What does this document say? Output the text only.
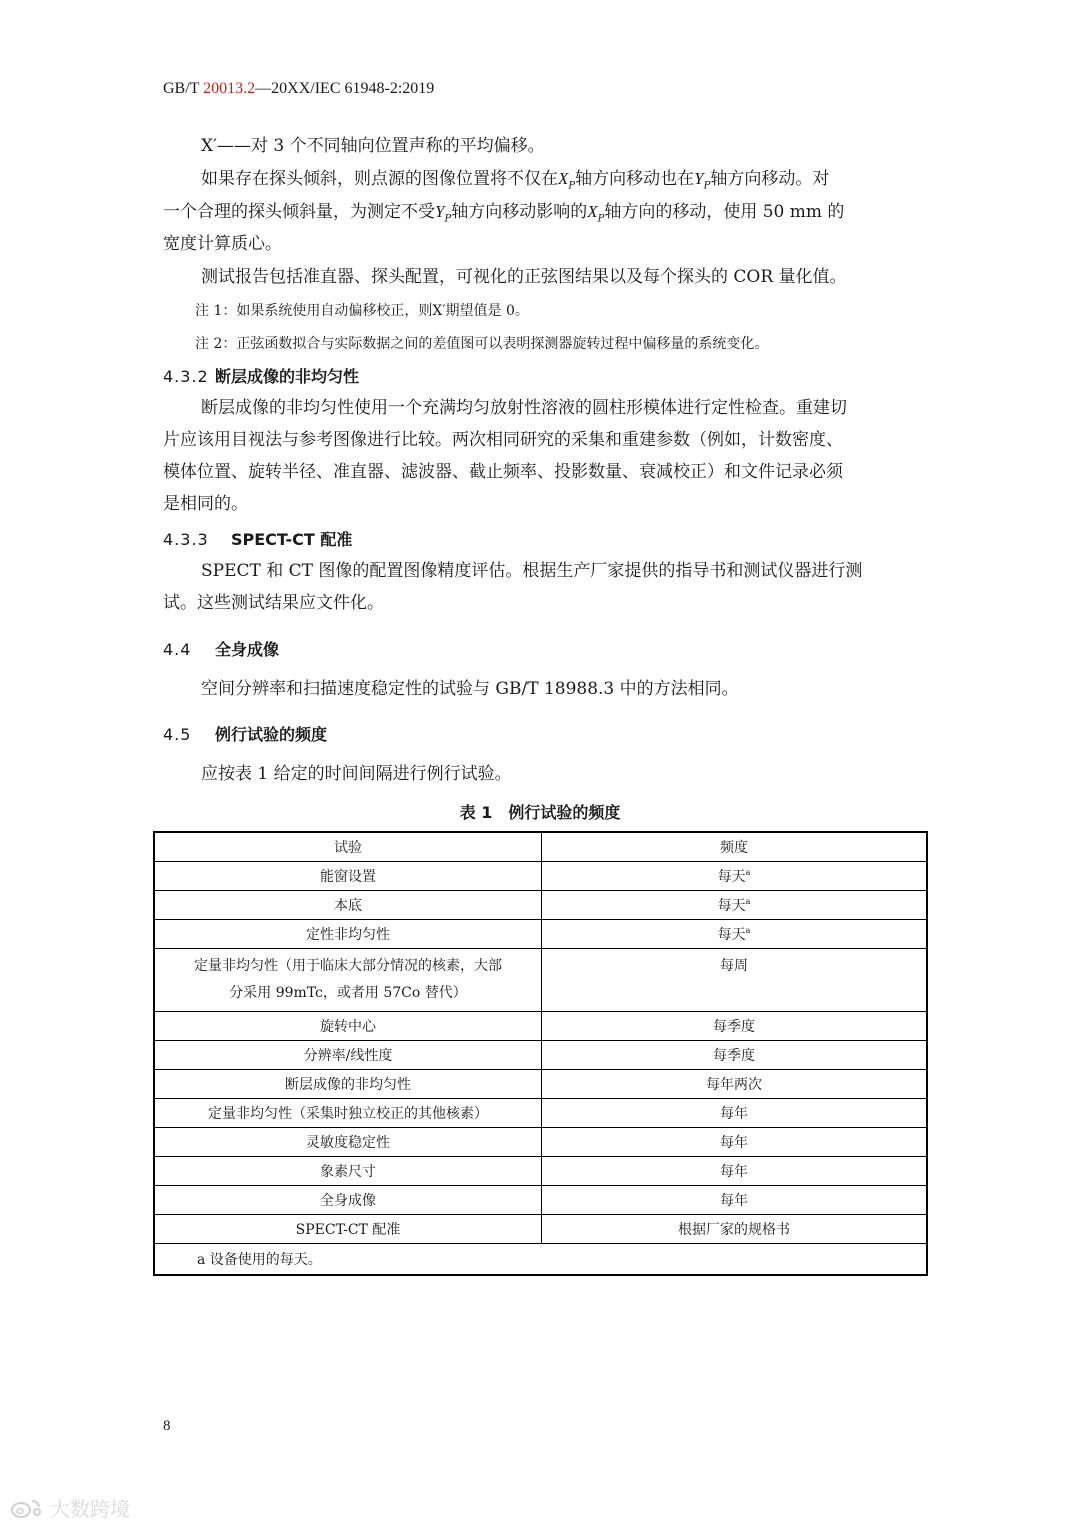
GB/T 20013.2—20XX/IEC 61948-2:2019
X′——对 3 个不同轴向位置声称的平均偏移。
如果存在探头倾斜，则点源的图像位置将不仅在$X_P$轴方向移动也在$Y_P$轴方向移动。对
一个合理的探头倾斜量，为测定不受$Y_P$轴方向移动影响的$X_P$轴方向的移动，使用 50 mm 的
宽度计算质心。
测试报告包括准直器、探头配置，可视化的正弦图结果以及每个探头的 COR 量化值。
注 1：如果系统使用自动偏移校正，则X′期望值是 0。
注 2：正弦函数拟合与实际数据之间的差值图可以表明探测器旋转过程中偏移量的系统变化。
4.3.2 断层成像的非均匀性
断层成像的非均匀性使用一个充满均匀放射性溶液的圆柱形模体进行定性检查。重建切
片应该用目视法与参考图像进行比较。两次相同研究的采集和重建参数（例如，计数密度、
模体位置、旋转半径、准直器、滤波器、截止频率、投影数量、衰减校正）和文件记录必须
是相同的。
4.3.3 SPECT-CT 配准
SPECT 和 CT 图像的配置图像精度评估。根据生产厂家提供的指导书和测试仪器进行测
试。这些测试结果应文件化。
4.4 全身成像
空间分辨率和扫描速度稳定性的试验与 GB/T 18988.3 中的方法相同。
4.5 例行试验的频度
应按表 1 给定的时间间隔进行例行试验。
表 1　例行试验的频度
试验	频度
能窗设置	每天$^a$
本底	每天$^a$
定性非均匀性	每天$^a$

定量非均匀性（用于临床大部分情况的核素，大部
分采用 99mTc，或者用 57Co 替代）	每周
旋转中心	每季度
分辨率/线性度	每季度
断层成像的非均匀性	每年两次
定量非均匀性（采集时独立校正的其他核素）	每年
灵敏度稳定性	每年
象素尺寸	每年
全身成像	每年
SPECT-CT 配准	根据厂家的规格书
a 设备使用的每天。	
8
大数跨境
